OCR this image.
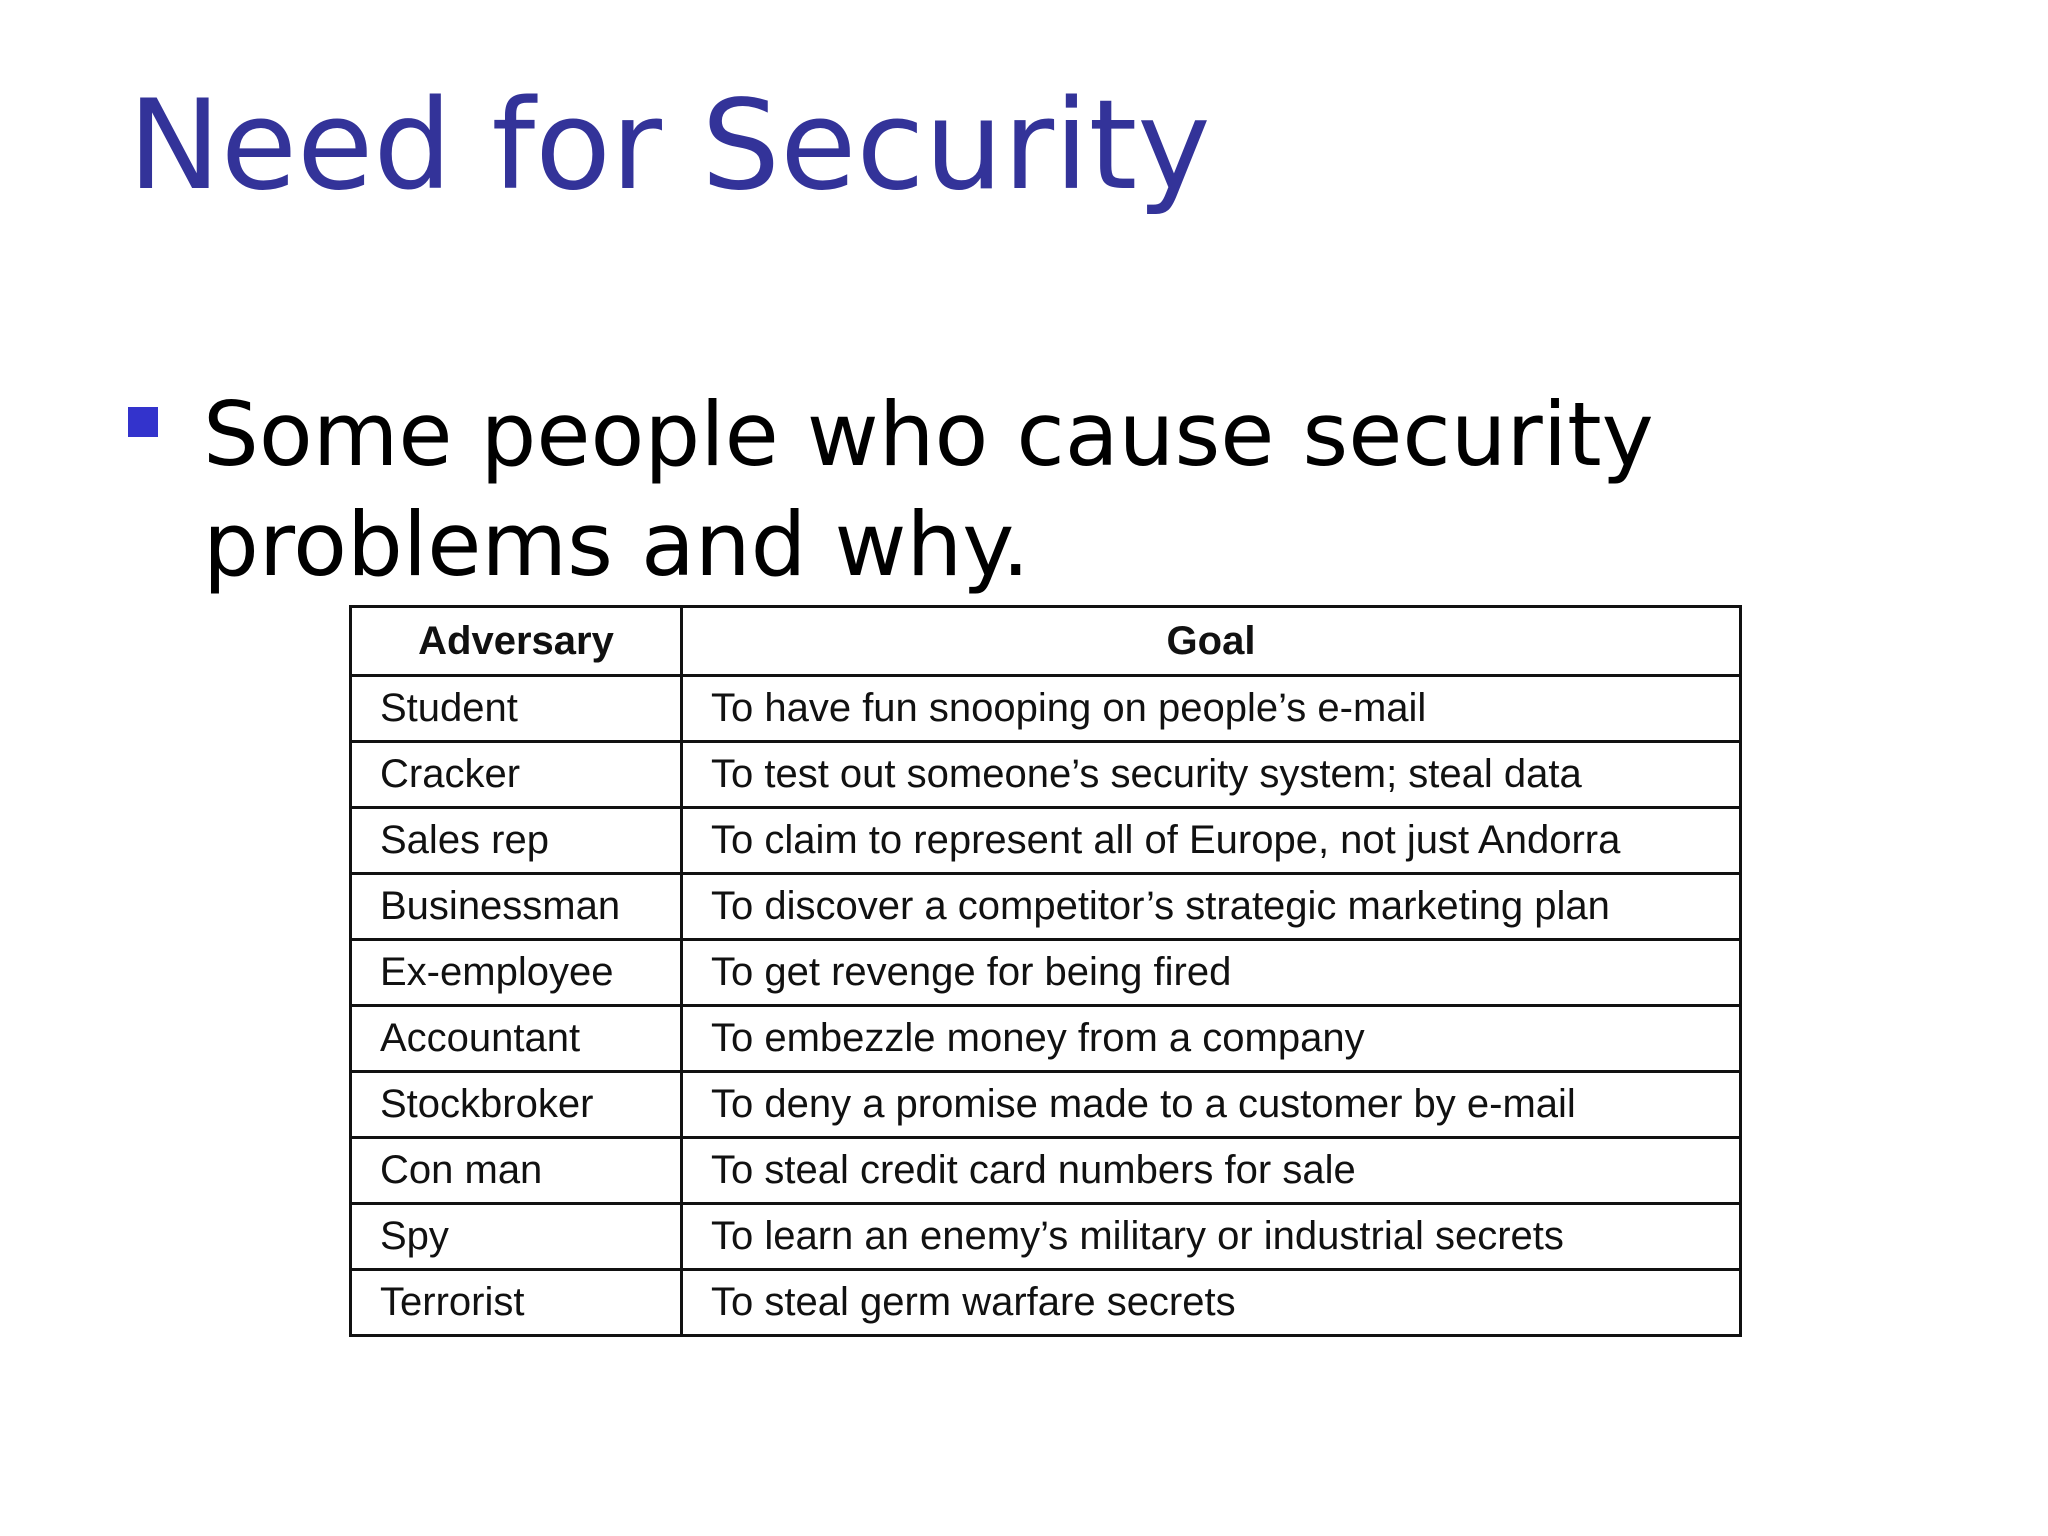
Need for Security

Some people who cause security problems and why.

Adversary	Goal
Student	To have fun snooping on people’s e-mail
Cracker	To test out someone’s security system; steal data
Sales rep	To claim to represent all of Europe, not just Andorra
Businessman	To discover a competitor’s strategic marketing plan
Ex-employee	To get revenge for being fired
Accountant	To embezzle money from a company
Stockbroker	To deny a promise made to a customer by e-mail
Con man	To steal credit card numbers for sale
Spy	To learn an enemy’s military or industrial secrets
Terrorist	To steal germ warfare secrets
